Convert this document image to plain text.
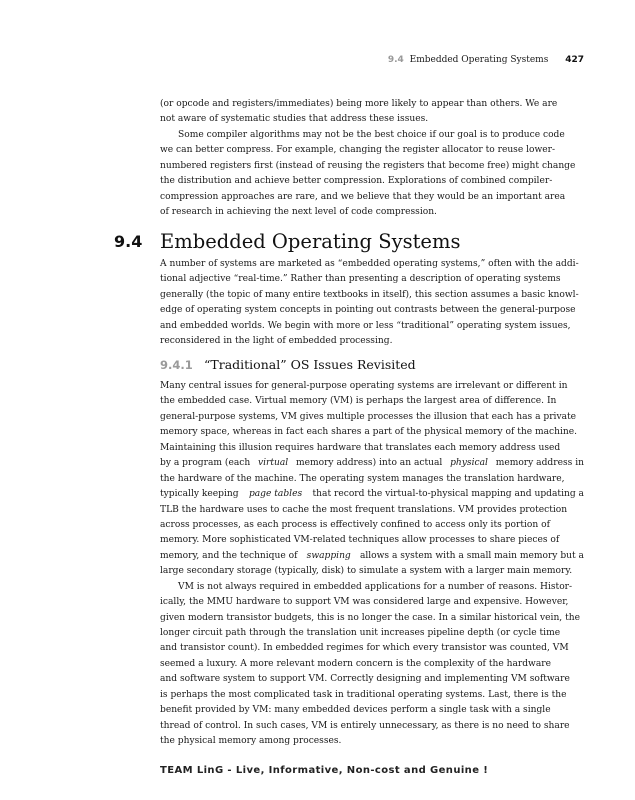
9.4 Embedded Operating Systems 427
(or opcode and registers/immediates) being more likely to appear than others. We are
not aware of systematic studies that address these issues.
Some compiler algorithms may not be the best choice if our goal is to produce code
we can better compress. For example, changing the register allocator to reuse lower-
numbered registers first (instead of reusing the registers that become free) might change
the distribution and achieve better compression. Explorations of combined compiler-
compression approaches are rare, and we believe that they would be an important area
of research in achieving the next level of code compression.
9.4 Embedded Operating Systems
A number of systems are marketed as “embedded operating systems,” often with the addi-
tional adjective “real-time.” Rather than presenting a description of operating systems
generally (the topic of many entire textbooks in itself), this section assumes a basic knowl-
edge of operating system concepts in pointing out contrasts between the general-purpose
and embedded worlds. We begin with more or less “traditional” operating system issues,
reconsidered in the light of embedded processing.
9.4.1 “Traditional” OS Issues Revisited
Many central issues for general-purpose operating systems are irrelevant or different in
the embedded case. Virtual memory (VM) is perhaps the largest area of difference. In
general-purpose systems, VM gives multiple processes the illusion that each has a private
memory space, whereas in fact each shares a part of the physical memory of the machine.
Maintaining this illusion requires hardware that translates each memory address used
by a program (each virtual memory address) into an actual physical memory address in
the hardware of the machine. The operating system manages the translation hardware,
typically keeping page tables that record the virtual-to-physical mapping and updating a
TLB the hardware uses to cache the most frequent translations. VM provides protection
across processes, as each process is effectively confined to access only its portion of
memory. More sophisticated VM-related techniques allow processes to share pieces of
memory, and the technique of swapping allows a system with a small main memory but a
large secondary storage (typically, disk) to simulate a system with a larger main memory.
VM is not always required in embedded applications for a number of reasons. Histor-
ically, the MMU hardware to support VM was considered large and expensive. However,
given modern transistor budgets, this is no longer the case. In a similar historical vein, the
longer circuit path through the translation unit increases pipeline depth (or cycle time
and transistor count). In embedded regimes for which every transistor was counted, VM
seemed a luxury. A more relevant modern concern is the complexity of the hardware
and software system to support VM. Correctly designing and implementing VM software
is perhaps the most complicated task in traditional operating systems. Last, there is the
benefit provided by VM: many embedded devices perform a single task with a single
thread of control. In such cases, VM is entirely unnecessary, as there is no need to share
the physical memory among processes.
TEAM LinG - Live, Informative, Non-cost and Genuine !
